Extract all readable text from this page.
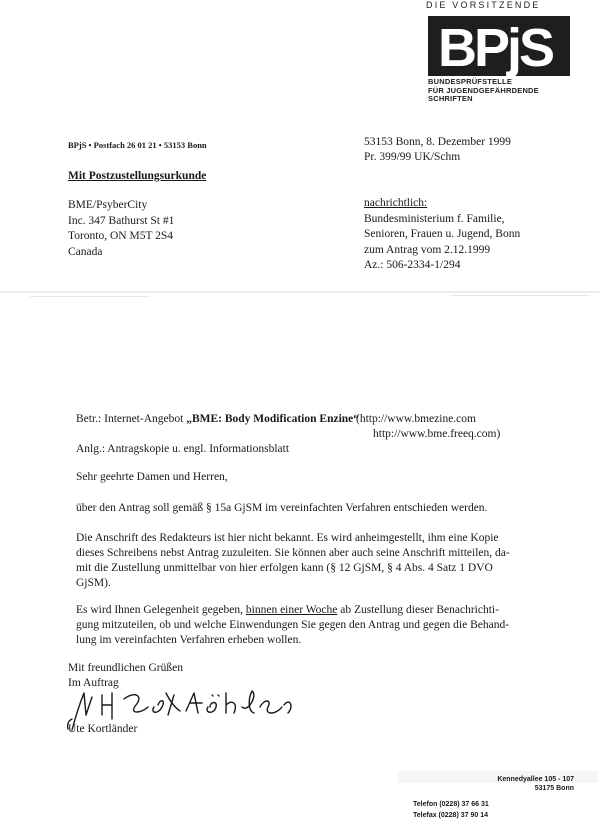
DIE VORSITZENDE
BPjS
BUNDESPRÜFSTELLE
FÜR JUGENDGEFÄHRDENDE
SCHRIFTEN
BPjS • Postfach 26 01 21 • 53153 Bonn	53153 Bonn, 8. Dezember 1999
Pr. 399/99 UK/Schm
Mit Postzustellungsurkunde
BME/PsyberCity
Inc. 347 Bathurst St #1
Toronto, ON M5T 2S4
Canada
nachrichtlich:
Bundesministerium f. Familie,
Senioren, Frauen u. Jugend, Bonn
zum Antrag vom 2.12.1999
Az.: 506-2334-1/294
Betr.: Internet-Angebot „BME: Body Modification Enzine“
(http://www.bmezine.com
http://www.bme.freeq.com)
Anlg.: Antragskopie u. engl. Informationsblatt
Sehr geehrte Damen und Herren,
über den Antrag soll gemäß § 15a GjSM im vereinfachten Verfahren entschieden werden.
Die Anschrift des Redakteurs ist hier nicht bekannt. Es wird anheimgestellt, ihm eine Kopie
dieses Schreibens nebst Antrag zuzuleiten. Sie können aber auch seine Anschrift mitteilen, da-
mit die Zustellung unmittelbar von hier erfolgen kann (§ 12 GjSM, § 4 Abs. 4 Satz 1 DVO
GjSM).
Es wird Ihnen Gelegenheit gegeben, binnen einer Woche ab Zustellung dieser Benachrichti-
gung mitzuteilen, ob und welche Einwendungen Sie gegen den Antrag und gegen die Behand-
lung im vereinfachten Verfahren erheben wollen.
Mit freundlichen Grüßen
Im Auftrag
Ute Kortländer
Kennedyallee 105 - 107
53175 Bonn
Telefon (0228) 37 66 31
Telefax (0228) 37 90 14
